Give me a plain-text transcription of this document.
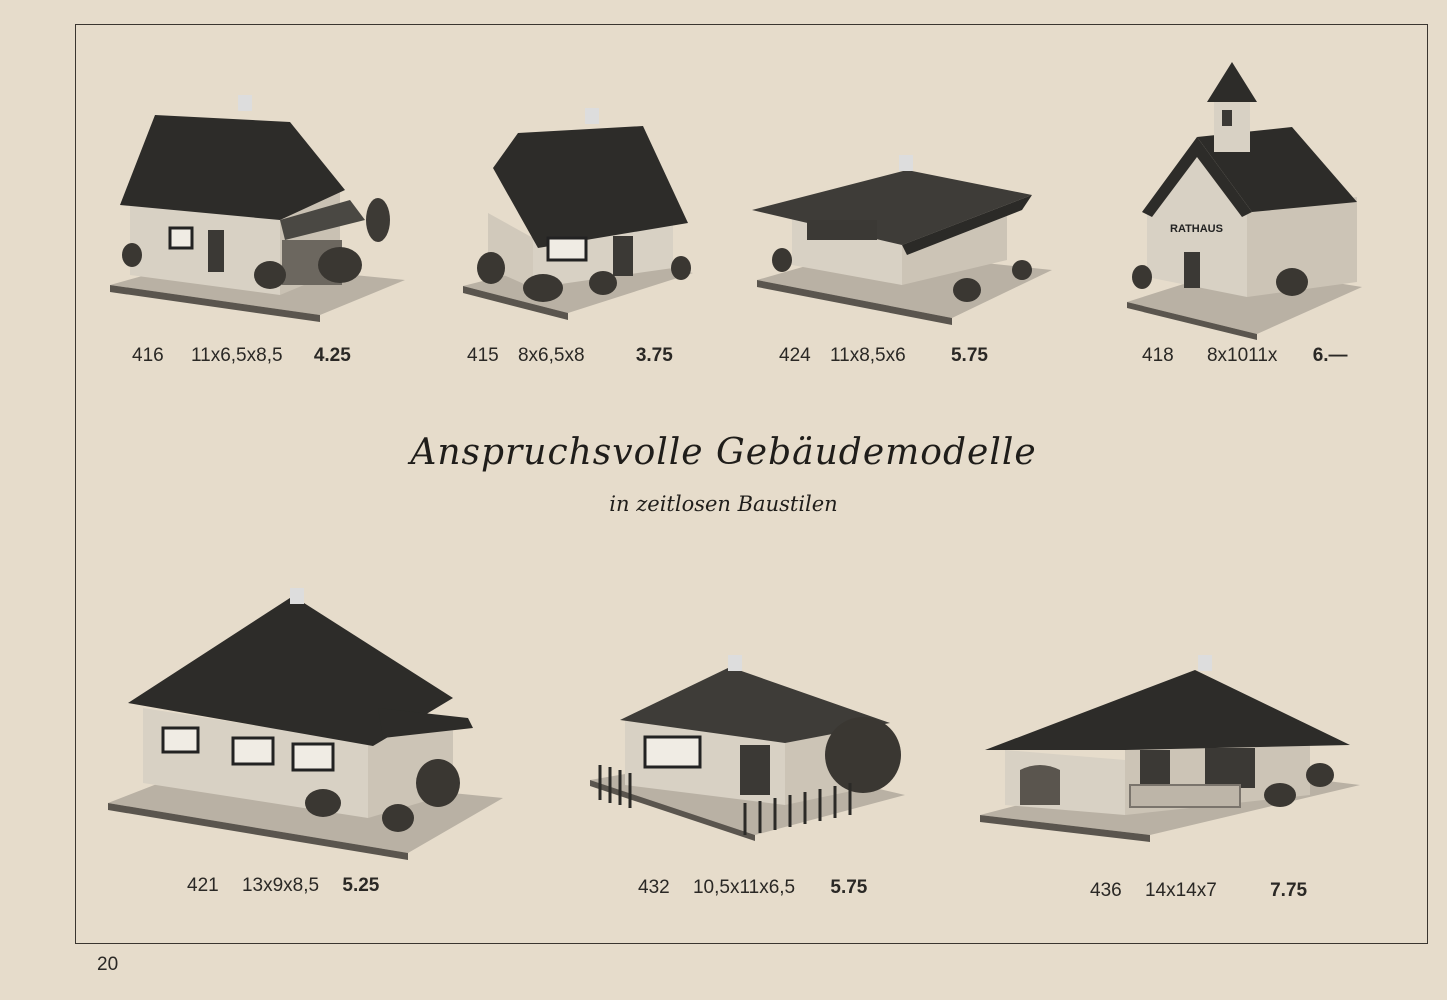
RATHAUS
416 11x6,5x8,5 4.25	415 8x6,5x8	3.75	424 11x8,5x6 5.75	418 8x1011x 6.—
421 13x9x8,5 5.25	432 10,5x11x6,5 5.75	436 14x14x7	7.75
Anspruchsvolle Gebäudemodelle
in zeitlosen Baustilen
20
